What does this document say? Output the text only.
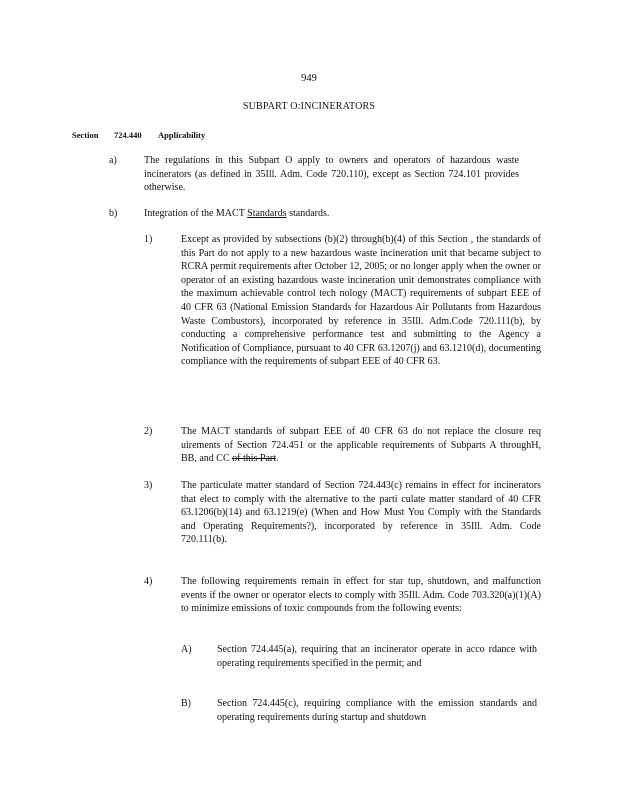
949
SUBPART O:INCINERATORS
Section 724.440 Applicability
a)	The regulations in this Subpart O apply to owners and operators of hazardous waste incinerators (as defined in 35Ill. Adm. Code 720.110), except as Section 724.101 provides otherwise.
b)	Integration of the MACT Standards standards.
1)	Except as provided by subsections (b)(2) through(b)(4) of this Section , the standards of this Part do not apply to a new hazardous waste incineration unit that became subject to RCRA permit requirements after October 12, 2005; or no longer apply when the owner or operator of an existing hazardous waste incineration unit demonstrates compliance with the maximum achievable control tech nology (MACT) requirements of subpart EEE of 40 CFR 63 (National Emission Standards for Hazardous Air Pollutants from Hazardous Waste Combustors), incorporated by reference in 35Ill. Adm.Code 720.111(b), by conducting a comprehensive performance test and submitting to the Agency a Notification of Compliance, pursuant to 40 CFR 63.1207(j) and 63.1210(d), documenting compliance with the requirements of subpart EEE of 40 CFR 63.
2)	The MACT standards of subpart EEE of 40 CFR 63 do not replace the closure req uirements of Section 724.451 or the applicable requirements of Subparts A throughH, BB, and CC of this Part.
3)	The particulate matter standard of Section 724.443(c) remains in effect for incinerators that elect to comply with the alternative to the parti culate matter standard of 40 CFR 63.1206(b)(14) and 63.1219(e) (When and How Must You Comply with the Standards and Operating Requirements?), incorporated by reference in 35Ill. Adm. Code 720.111(b).
4)	The following requirements remain in effect for star tup, shutdown, and malfunction events if the owner or operator elects to comply with 35Ill. Adm. Code 703.320(a)(1)(A) to minimize emissions of toxic compounds from the following events:
A)	Section 724.445(a), requiring that an incinerator operate in acco rdance with operating requirements specified in the permit; and
B)	Section 724.445(c), requiring compliance with the emission standards and operating requirements during startup and shutdown
